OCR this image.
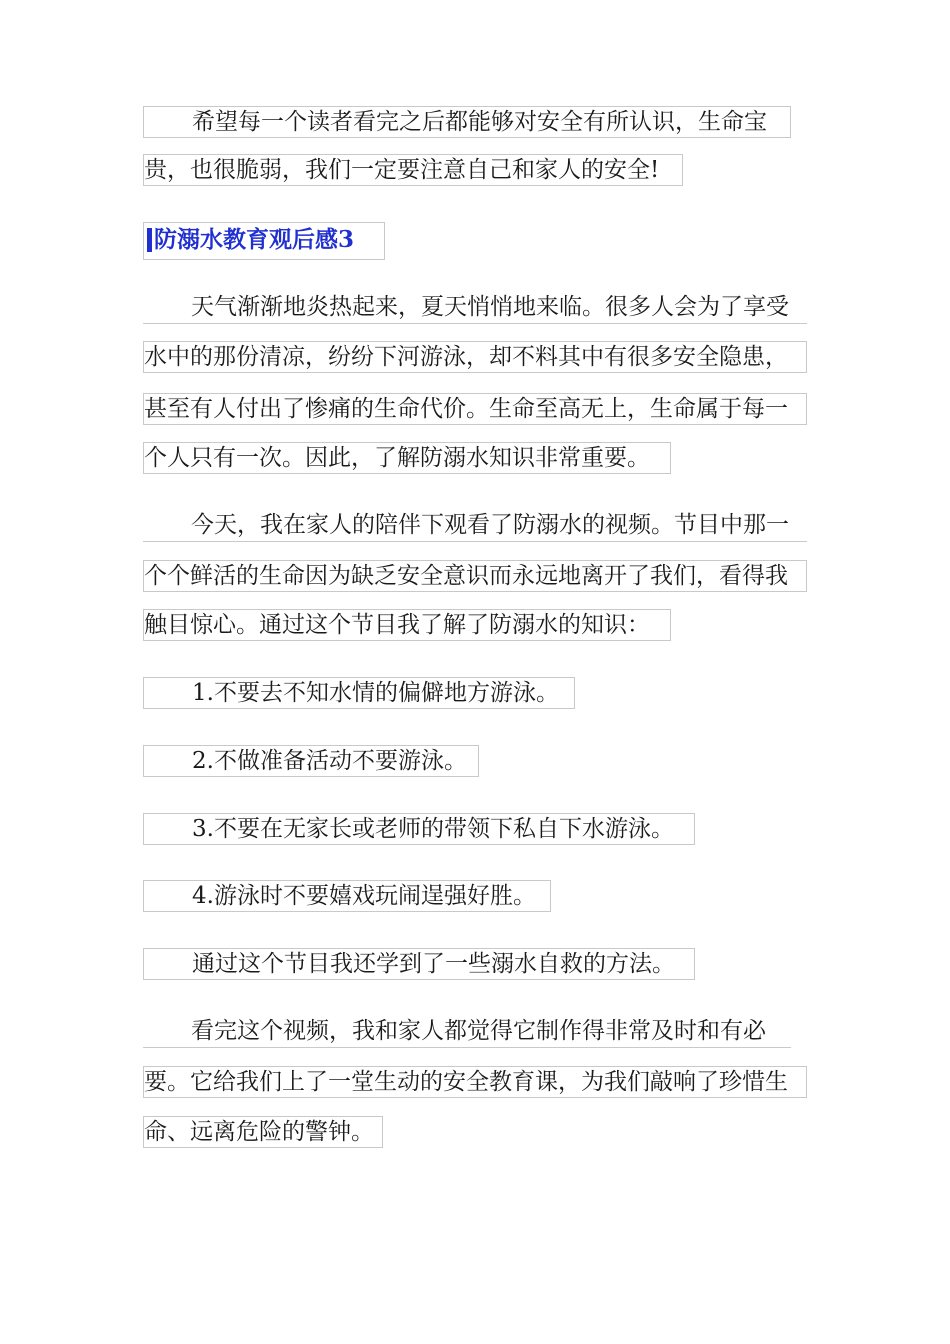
希望每一个读者看完之后都能够对安全有所认识，生命宝
贵，也很脆弱，我们一定要注意自己和家人的安全!
防溺水教育观后感3
天气渐渐地炎热起来，夏天悄悄地来临。很多人会为了享受
水中的那份清凉，纷纷下河游泳，却不料其中有很多安全隐患，
甚至有人付出了惨痛的生命代价。生命至高无上，生命属于每一
个人只有一次。因此，了解防溺水知识非常重要。
今天，我在家人的陪伴下观看了防溺水的视频。节目中那一
个个鲜活的生命因为缺乏安全意识而永远地离开了我们，看得我
触目惊心。通过这个节目我了解了防溺水的知识：
1.不要去不知水情的偏僻地方游泳。
2.不做准备活动不要游泳。
3.不要在无家长或老师的带领下私自下水游泳。
4.游泳时不要嬉戏玩闹逞强好胜。
通过这个节目我还学到了一些溺水自救的方法。
看完这个视频，我和家人都觉得它制作得非常及时和有必
要。它给我们上了一堂生动的安全教育课，为我们敲响了珍惜生
命、远离危险的警钟。
